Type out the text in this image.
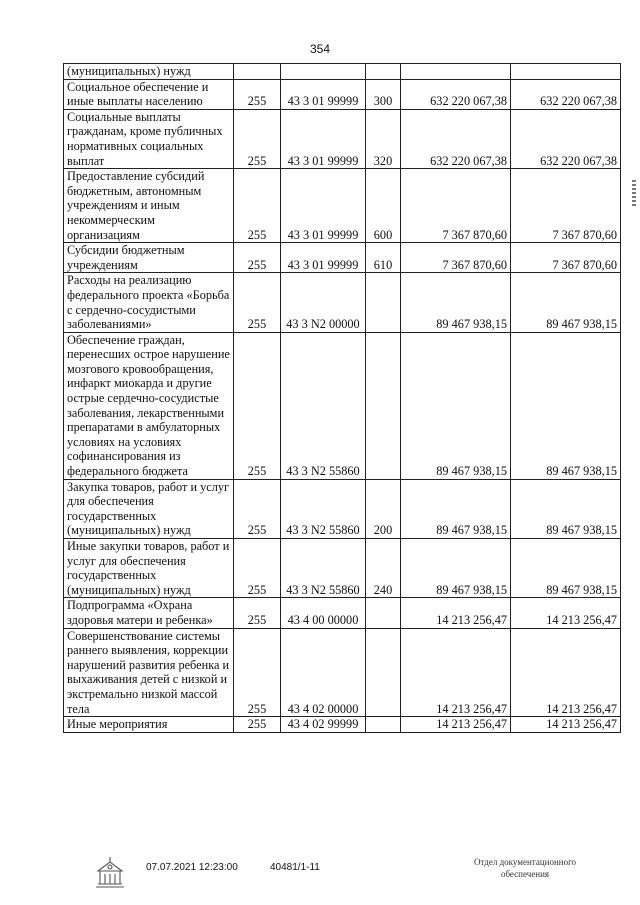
354
(муниципальных) нужд					
Социальное обеспечение и иные выплаты населению	255	43 3 01 99999	300	632 220 067,38	632 220 067,38
Социальные выплаты гражданам, кроме публичных нормативных социальных выплат	255	43 3 01 99999	320	632 220 067,38	632 220 067,38
Предоставление субсидий бюджетным, автономным учреждениям и иным некоммерческим организациям	255	43 3 01 99999	600	7 367 870,60	7 367 870,60
Субсидии бюджетным учреждениям	255	43 3 01 99999	610	7 367 870,60	7 367 870,60
Расходы на реализацию федерального проекта «Борьба с сердечно-сосудистыми заболеваниями»	255	43 3 N2 00000		89 467 938,15	89 467 938,15
Обеспечение граждан, перенесших острое нарушение мозгового кровообращения, инфаркт миокарда и другие острые сердечно-сосудистые заболевания, лекарственными препаратами в амбулаторных условиях на условиях софинансирования из федерального бюджета	255	43 3 N2 55860		89 467 938,15	89 467 938,15
Закупка товаров, работ и услуг для обеспечения государственных (муниципальных) нужд	255	43 3 N2 55860	200	89 467 938,15	89 467 938,15
Иные закупки товаров, работ и услуг для обеспечения государственных (муниципальных) нужд	255	43 3 N2 55860	240	89 467 938,15	89 467 938,15
Подпрограмма «Охрана здоровья матери и ребенка»	255	43 4 00 00000		14 213 256,47	14 213 256,47
Совершенствование системы раннего выявления, коррекции нарушений развития ребенка и выхаживания детей с низкой и экстремально низкой массой тела	255	43 4 02 00000		14 213 256,47	14 213 256,47
Иные мероприятия	255	43 4 02 99999		14 213 256,47	14 213 256,47
07.07.2021 12:23:00	40481/1-11	Отдел документационного
обеспечения
